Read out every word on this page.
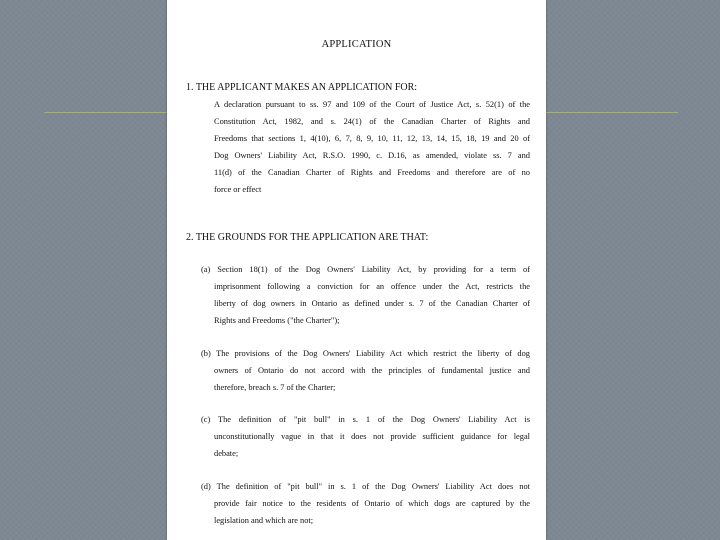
APPLICATION
1. THE APPLICANT MAKES AN APPLICATION FOR:
A declaration pursuant to ss. 97 and 109 of the Court of Justice Act, s. 52(1) of the
Constitution Act, 1982, and s. 24(1) of the Canadian Charter of Rights and
Freedoms that sections 1, 4(10), 6, 7, 8, 9, 10, 11, 12, 13, 14, 15, 18, 19 and 20 of
Dog Owners' Liability Act, R.S.O. 1990, c. D.16, as amended, violate ss. 7 and
11(d) of the Canadian Charter of Rights and Freedoms and therefore are of no
force or effect
2. THE GROUNDS FOR THE APPLICATION ARE THAT:
(a) Section 18(1) of the Dog Owners' Liability Act, by providing for a term of
imprisonment following a conviction for an offence under the Act, restricts the
liberty of dog owners in Ontario as defined under s. 7 of the Canadian Charter of
Rights and Freedoms ("the Charter");
(b) The provisions of the Dog Owners' Liability Act which restrict the liberty of dog
owners of Ontario do not accord with the principles of fundamental justice and
therefore, breach s. 7 of the Charter;
(c) The definition of "pit bull" in s. 1 of the Dog Owners' Liability Act is
unconstitutionally vague in that it does not provide sufficient guidance for legal
debate;
(d) The definition of "pit bull" in s. 1 of the Dog Owners' Liability Act does not
provide fair notice to the residents of Ontario of which dogs are captured by the
legislation and which are not;
